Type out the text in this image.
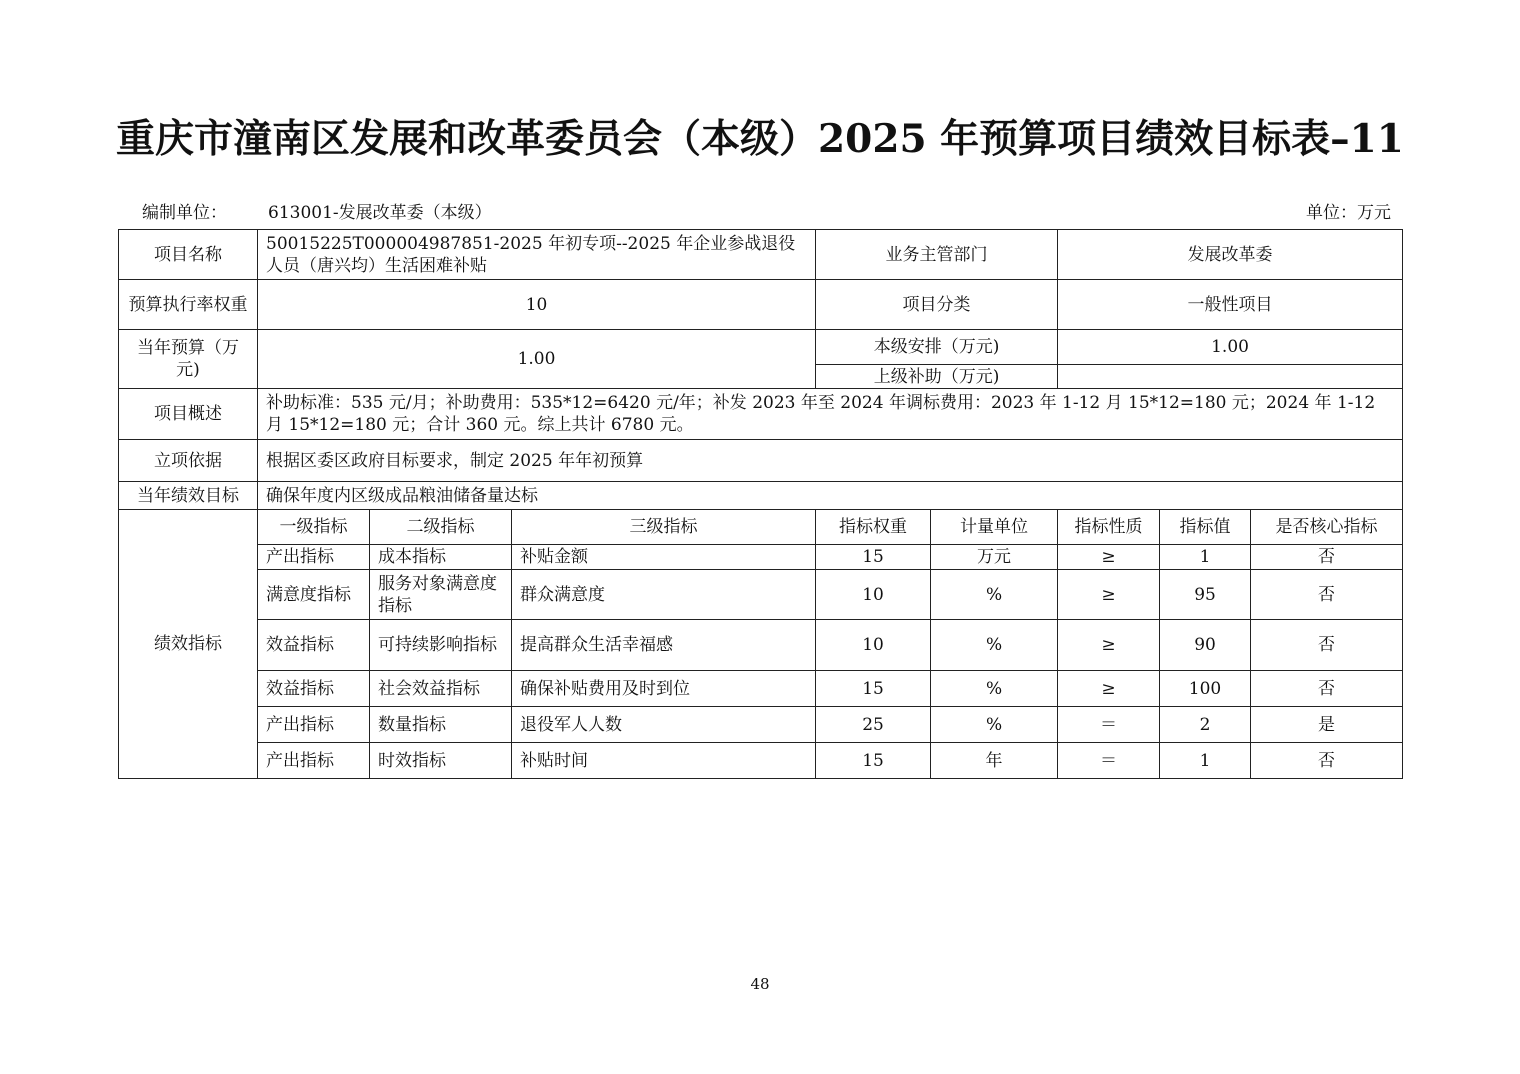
重庆市潼南区发展和改革委员会（本级）2025 年预算项目绩效目标表–11
编制单位： 613001-发展改革委（本级）	单位：万元
项目名称	50015225T000004987851-2025 年初专项--2025 年企业参战退役人员（唐兴均）生活困难补贴			业务主管部门		发展改革委		
预算执行率权重	10			项目分类		一般性项目		
当年预算（万元)	1.00			本级安排（万元)		1.00		
				上级补助（万元)				
项目概述	补助标准：535 元/月；补助费用：535*12=6420 元/年；补发 2023 年至 2024 年调标费用：2023 年 1-12 月 15*12=180 元；2024 年 1-12 月 15*12=180 元；合计 360 元。综上共计 6780 元。							
立项依据	根据区委区政府目标要求，制定 2025 年年初预算							
当年绩效目标	确保年度内区级成品粮油储备量达标							
绩效指标	一级指标	二级指标	三级指标	指标权重	计量单位	指标性质	指标值	是否核心指标
	产出指标	成本指标	补贴金额	15	万元	≥	1	否
	满意度指标	服务对象满意度指标	群众满意度	10	%	≥	95	否
	效益指标	可持续影响指标	提高群众生活幸福感	10	%	≥	90	否
	效益指标	社会效益指标	确保补贴费用及时到位	15	%	≥	100	否
	产出指标	数量指标	退役军人人数	25	%	＝	2	是
	产出指标	时效指标	补贴时间	15	年	＝	1	否
48
